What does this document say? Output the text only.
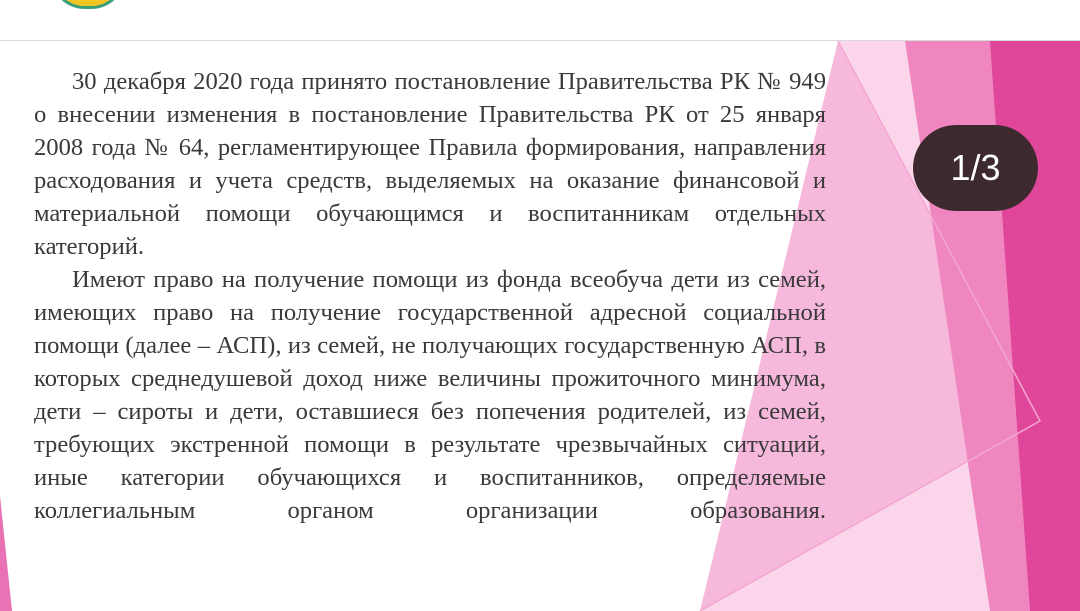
30 декабря 2020 года принято постановление Правительства РК № 949 о внесении изменения в постановление Правительства РК от 25 января 2008 года № 64, регламентирующее Правила формирования, направления расходования и учета средств, выделяемых на оказание финансовой и материальной помощи обучающимся и воспитанникам отдельных категорий.

Имеют право на получение помощи из фонда всеобуча дети из семей, имеющих право на получение государственной адресной социальной помощи (далее – АСП), из семей, не получающих государственную АСП, в которых среднедушевой доход ниже величины прожиточного минимума, дети – сироты и дети, оставшиеся без попечения родителей, из семей, требующих экстренной помощи в результате чрезвычайных ситуаций, иные категории обучающихся и воспитанников, определяемые коллегиальным органом организации образования.

1/3
